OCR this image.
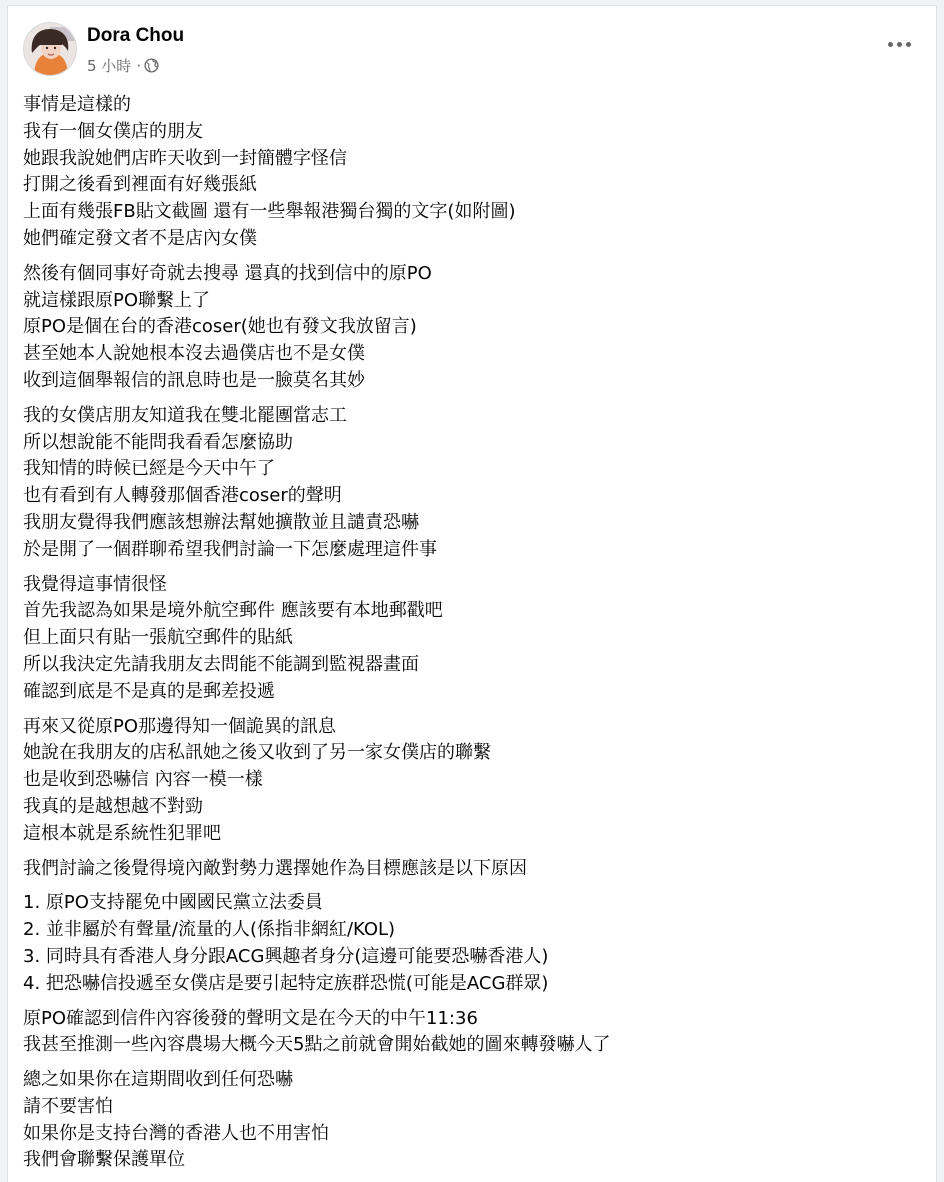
Dora Chou
5 小時 ·
事情是這樣的
我有一個女僕店的朋友
她跟我說她們店昨天收到一封簡體字怪信
打開之後看到裡面有好幾張紙
上面有幾張FB貼文截圖 還有一些舉報港獨台獨的文字(如附圖)
她們確定發文者不是店內女僕
然後有個同事好奇就去搜尋 還真的找到信中的原PO
就這樣跟原PO聯繫上了
原PO是個在台的香港coser(她也有發文我放留言)
甚至她本人說她根本沒去過僕店也不是女僕
收到這個舉報信的訊息時也是一臉莫名其妙
我的女僕店朋友知道我在雙北罷團當志工
所以想說能不能問我看看怎麼協助
我知情的時候已經是今天中午了
也有看到有人轉發那個香港coser的聲明
我朋友覺得我們應該想辦法幫她擴散並且譴責恐嚇
於是開了一個群聊希望我們討論一下怎麼處理這件事
我覺得這事情很怪
首先我認為如果是境外航空郵件 應該要有本地郵戳吧
但上面只有貼一張航空郵件的貼紙
所以我決定先請我朋友去問能不能調到監視器畫面
確認到底是不是真的是郵差投遞
再來又從原PO那邊得知一個詭異的訊息
她說在我朋友的店私訊她之後又收到了另一家女僕店的聯繫
也是收到恐嚇信 內容一模一樣
我真的是越想越不對勁
這根本就是系統性犯罪吧
我們討論之後覺得境內敵對勢力選擇她作為目標應該是以下原因
1. 原PO支持罷免中國國民黨立法委員
2. 並非屬於有聲量/流量的人(係指非網紅/KOL)
3. 同時具有香港人身分跟ACG興趣者身分(這邊可能要恐嚇香港人)
4. 把恐嚇信投遞至女僕店是要引起特定族群恐慌(可能是ACG群眾)
原PO確認到信件內容後發的聲明文是在今天的中午11:36
我甚至推測一些內容農場大概今天5點之前就會開始截她的圖來轉發嚇人了
總之如果你在這期間收到任何恐嚇
請不要害怕
如果你是支持台灣的香港人也不用害怕
我們會聯繫保護單位
